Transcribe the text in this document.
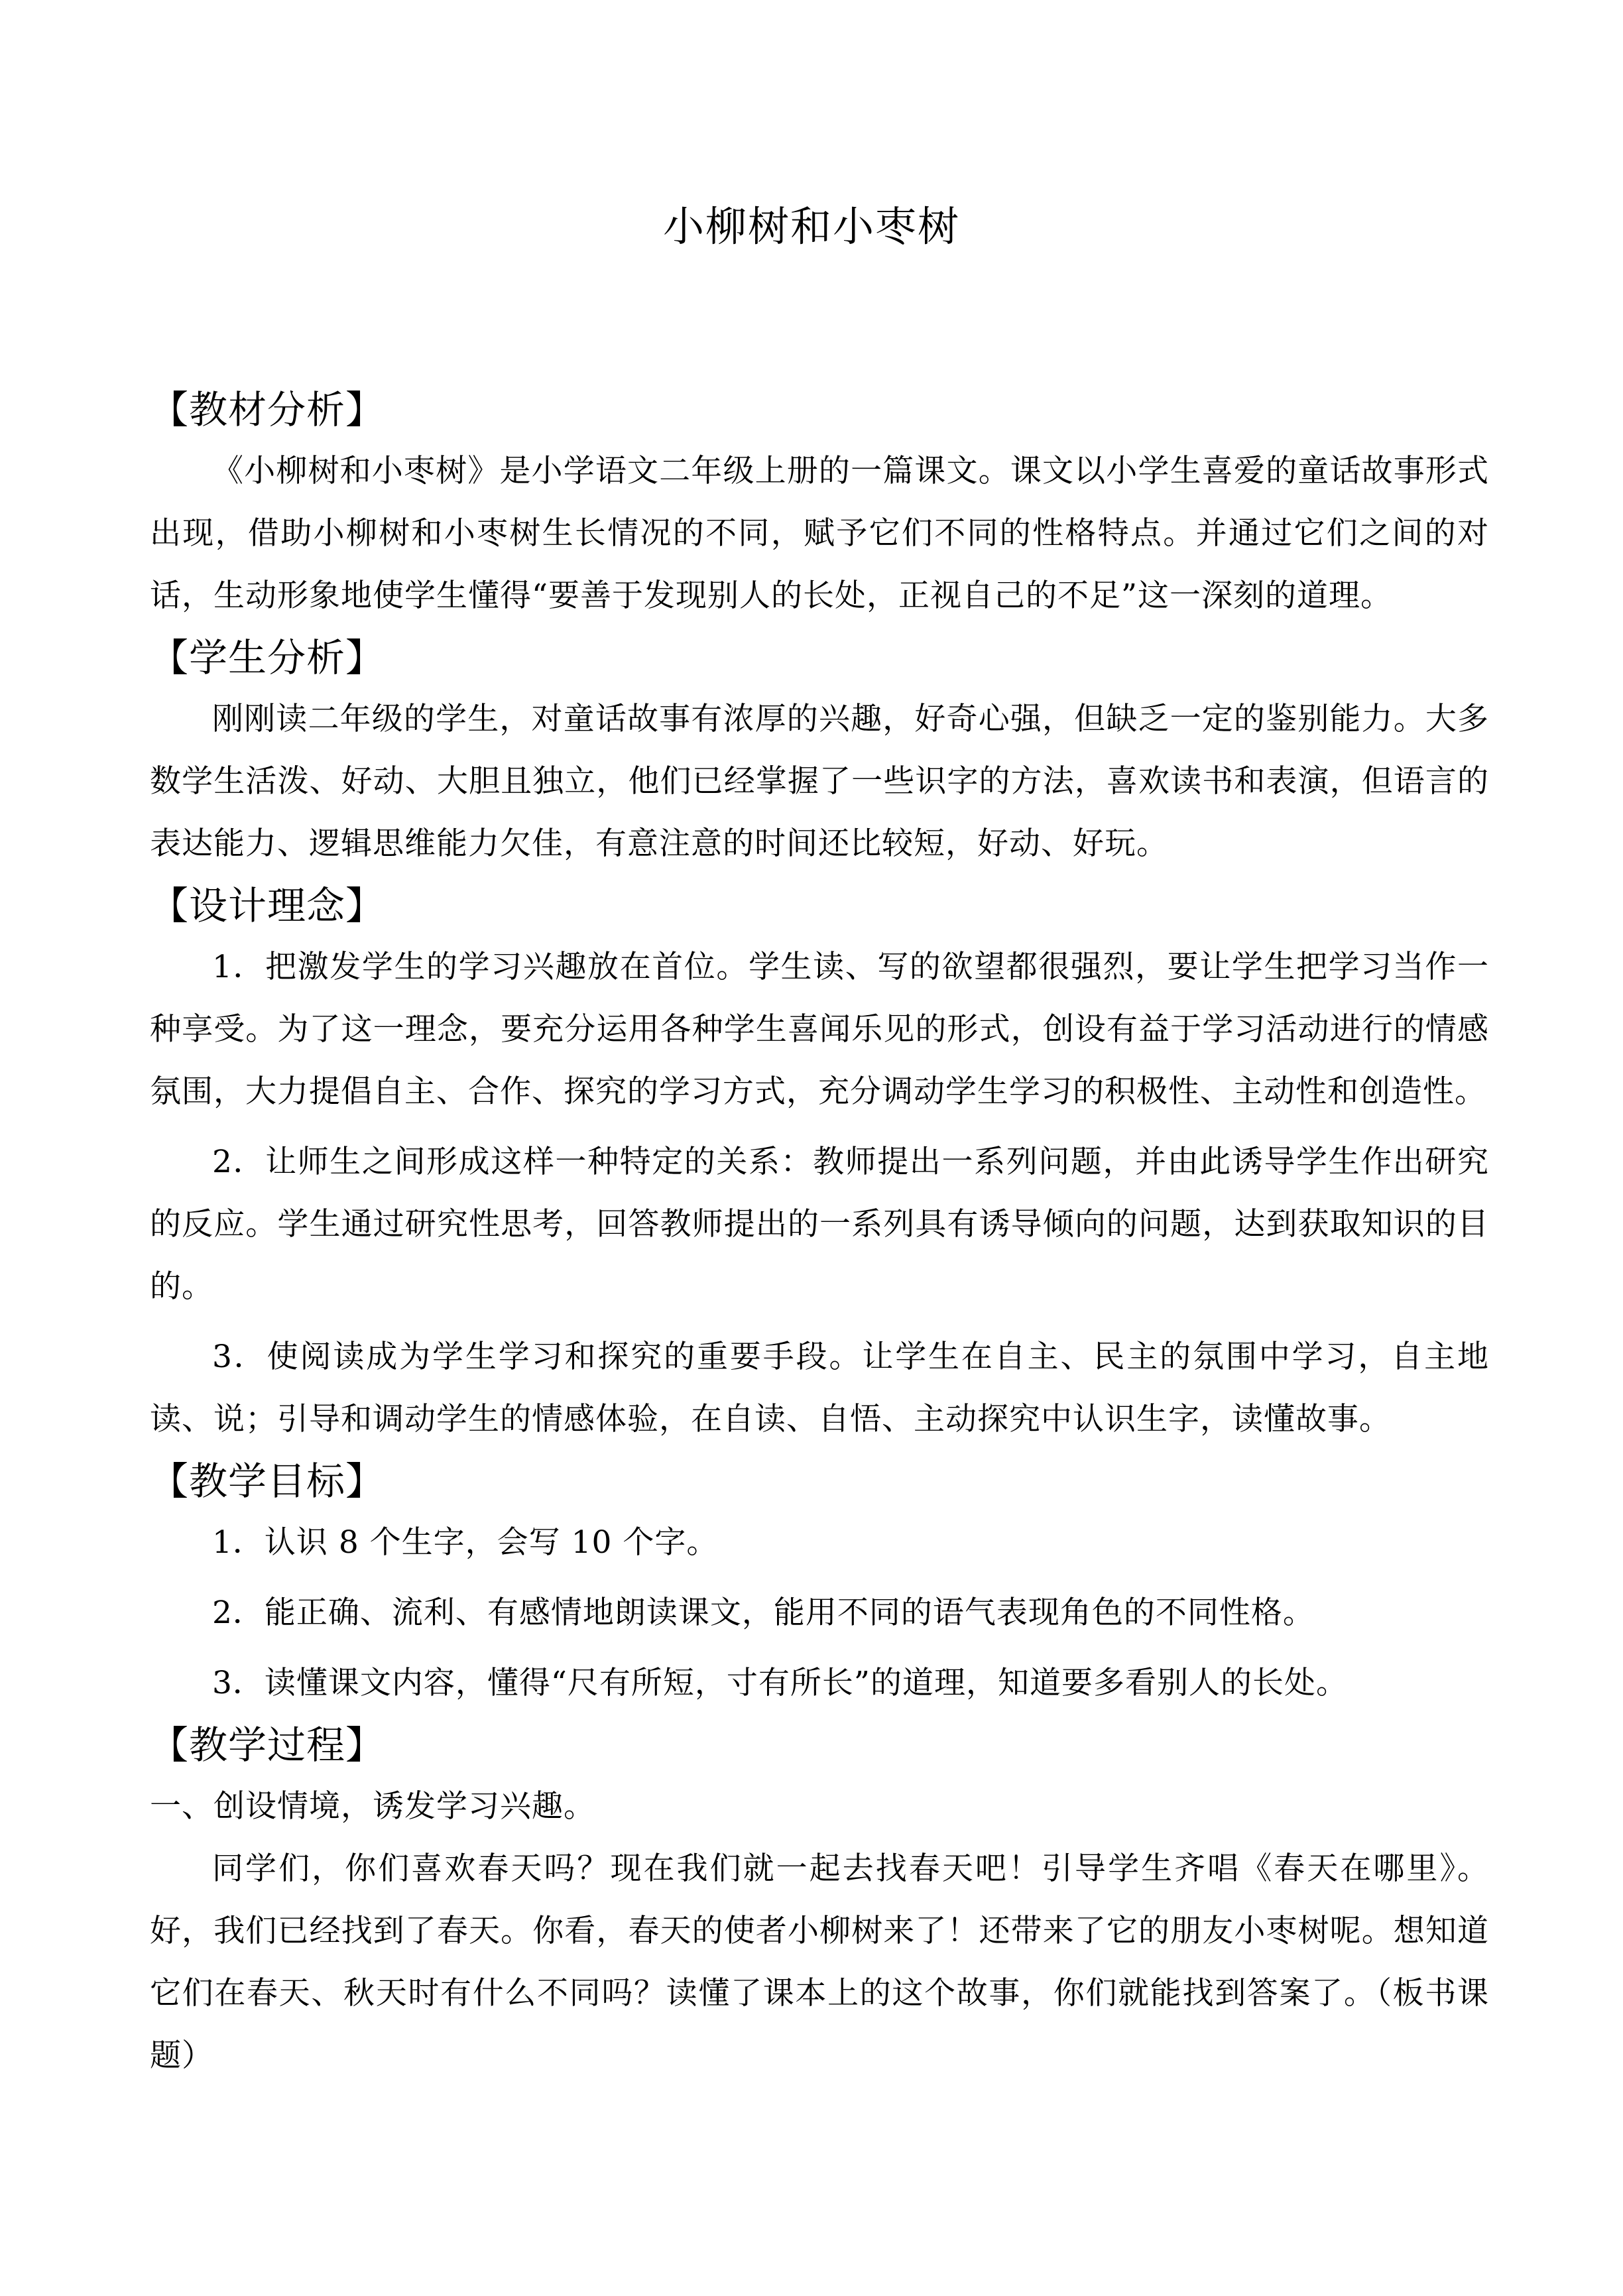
小柳树和小枣树
【教材分析】

《小柳树和小枣树》是小学语文二年级上册的一篇课文。课文以小学生喜爱的童话故事形式出现，借助小柳树和小枣树生长情况的不同，赋予它们不同的性格特点。并通过它们之间的对话，生动形象地使学生懂得“要善于发现别人的长处，正视自己的不足”这一深刻的道理。

【学生分析】

刚刚读二年级的学生，对童话故事有浓厚的兴趣，好奇心强，但缺乏一定的鉴别能力。大多数学生活泼、好动、大胆且独立，他们已经掌握了一些识字的方法，喜欢读书和表演，但语言的表达能力、逻辑思维能力欠佳，有意注意的时间还比较短，好动、好玩。

【设计理念】

1．把激发学生的学习兴趣放在首位。学生读、写的欲望都很强烈，要让学生把学习当作一种享受。为了这一理念，要充分运用各种学生喜闻乐见的形式，创设有益于学习活动进行的情感氛围，大力提倡自主、合作、探究的学习方式，充分调动学生学习的积极性、主动性和创造性。

2．让师生之间形成这样一种特定的关系：教师提出一系列问题，并由此诱导学生作出研究的反应。学生通过研究性思考，回答教师提出的一系列具有诱导倾向的问题，达到获取知识的目的。

3．使阅读成为学生学习和探究的重要手段。让学生在自主、民主的氛围中学习，自主地读、说；引导和调动学生的情感体验，在自读、自悟、主动探究中认识生字，读懂故事。

【教学目标】

1．认识 8 个生字，会写 10 个字。

2．能正确、流利、有感情地朗读课文，能用不同的语气表现角色的不同性格。

3．读懂课文内容，懂得“尺有所短，寸有所长”的道理，知道要多看别人的长处。

【教学过程】

一、创设情境，诱发学习兴趣。

同学们，你们喜欢春天吗？现在我们就一起去找春天吧！引导学生齐唱《春天在哪里》。好，我们已经找到了春天。你看，春天的使者小柳树来了！还带来了它的朋友小枣树呢。想知道它们在春天、秋天时有什么不同吗？读懂了课本上的这个故事，你们就能找到答案了。（板书课题）
